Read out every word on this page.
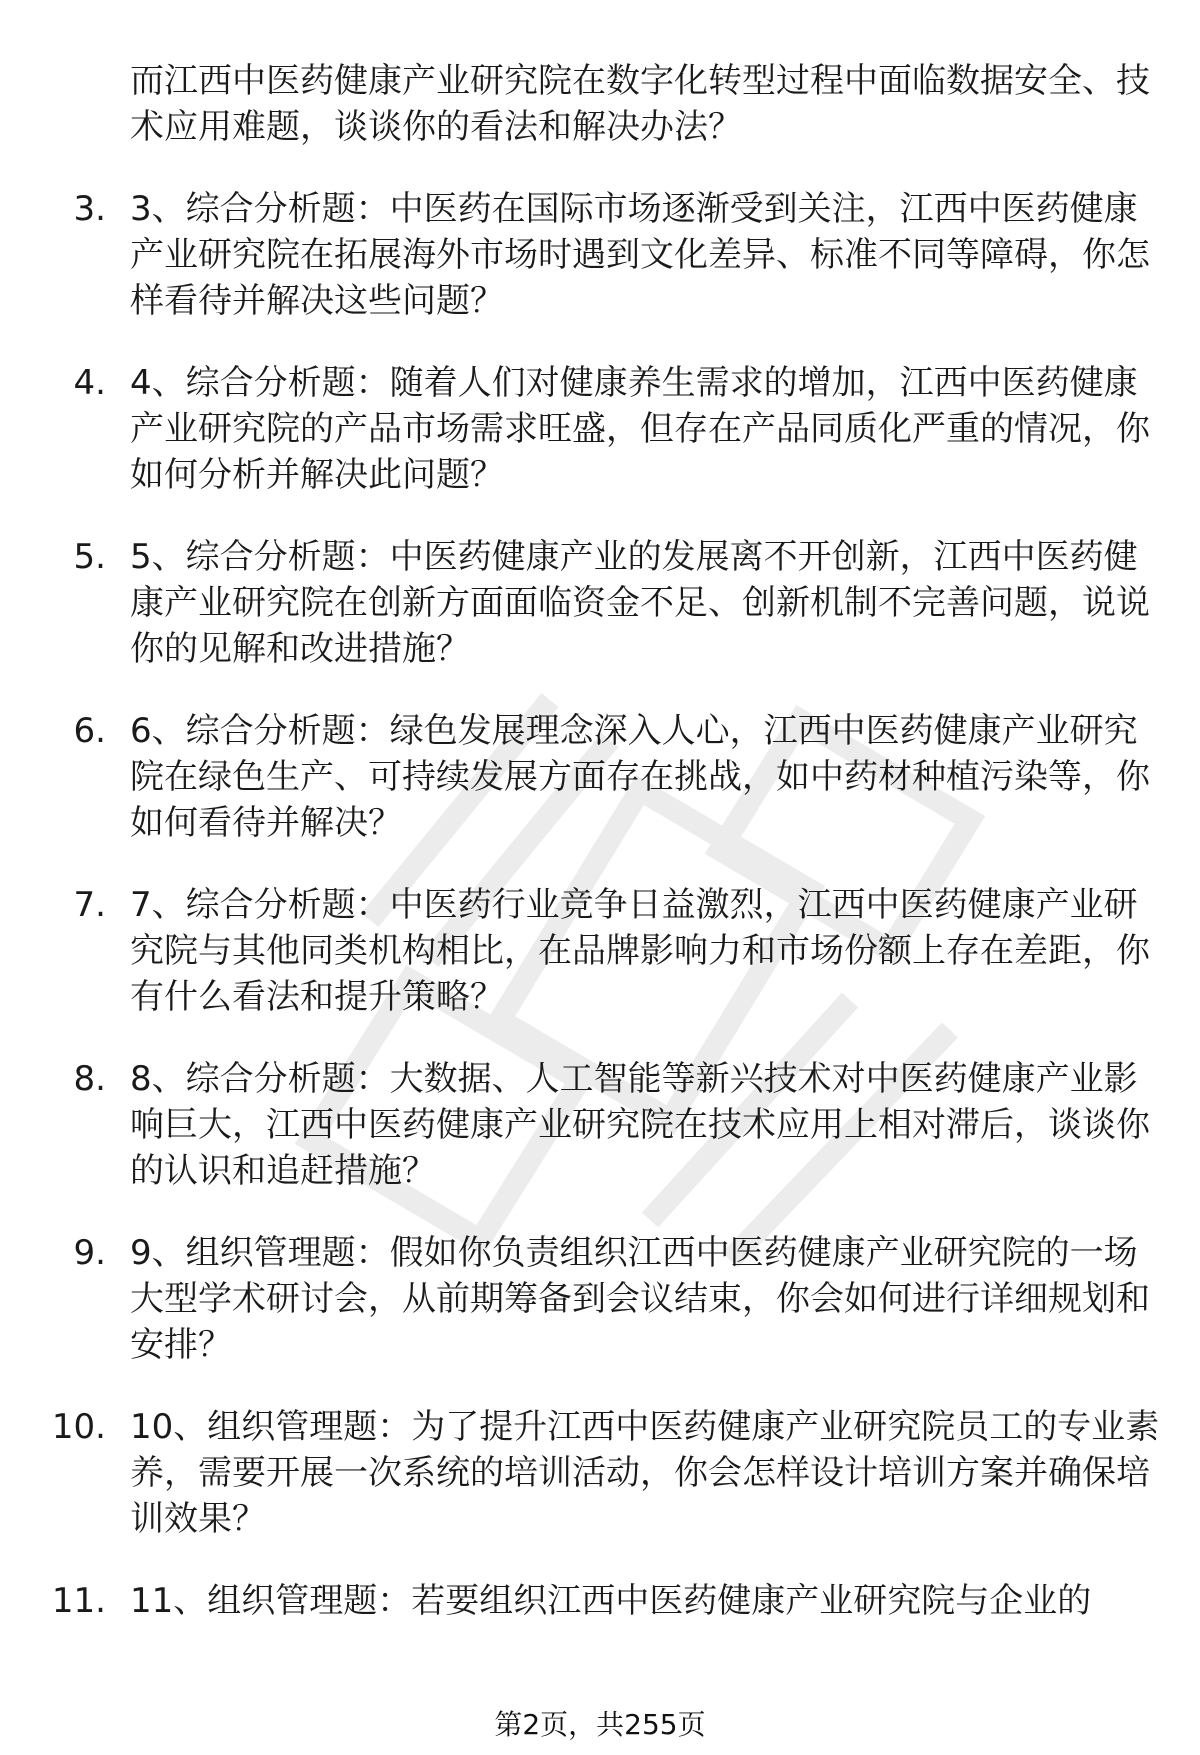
而江西中医药健康产业研究院在数字化转型过程中面临数据安全、技术应用难题，谈谈你的看法和解决办法？
3. 3、综合分析题：中医药在国际市场逐渐受到关注，江西中医药健康产业研究院在拓展海外市场时遇到文化差异、标准不同等障碍，你怎样看待并解决这些问题？
4. 4、综合分析题：随着人们对健康养生需求的增加，江西中医药健康产业研究院的产品市场需求旺盛，但存在产品同质化严重的情况，你如何分析并解决此问题？
5. 5、综合分析题：中医药健康产业的发展离不开创新，江西中医药健康产业研究院在创新方面面临资金不足、创新机制不完善问题，说说你的见解和改进措施？
6. 6、综合分析题：绿色发展理念深入人心，江西中医药健康产业研究院在绿色生产、可持续发展方面存在挑战，如中药材种植污染等，你如何看待并解决？
7. 7、综合分析题：中医药行业竞争日益激烈，江西中医药健康产业研究院与其他同类机构相比，在品牌影响力和市场份额上存在差距，你有什么看法和提升策略？
8. 8、综合分析题：大数据、人工智能等新兴技术对中医药健康产业影响巨大，江西中医药健康产业研究院在技术应用上相对滞后，谈谈你的认识和追赶措施？
9. 9、组织管理题：假如你负责组织江西中医药健康产业研究院的一场大型学术研讨会，从前期筹备到会议结束，你会如何进行详细规划和安排？
10. 10、组织管理题：为了提升江西中医药健康产业研究院员工的专业素养，需要开展一次系统的培训活动，你会怎样设计培训方案并确保培训效果？
11. 11、组织管理题：若要组织江西中医药健康产业研究院与企业的
第2页，共255页
